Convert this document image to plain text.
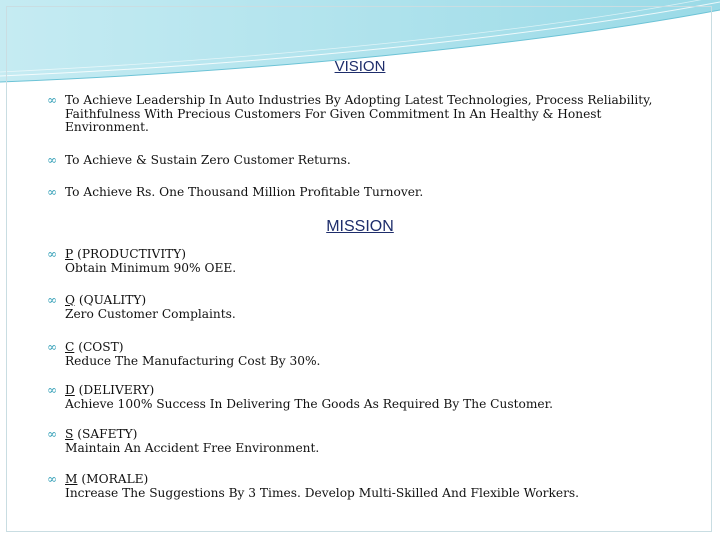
VISION
∞ To Achieve Leadership In Auto Industries By Adopting Latest Technologies, Process Reliability, Faithfulness With Precious Customers For Given Commitment In An Healthy & Honest Environment.
∞ To Achieve & Sustain Zero Customer Returns.
∞ To Achieve Rs. One Thousand Million Profitable Turnover.
MISSION
∞ P (PRODUCTIVITY)
Obtain Minimum 90% OEE.
∞ Q (QUALITY)
Zero Customer Complaints.
∞ C (COST)
Reduce The Manufacturing Cost By 30%.
∞ D (DELIVERY)
Achieve 100% Success In Delivering The Goods As Required By The Customer.
∞ S (SAFETY)
Maintain An Accident Free Environment.
∞ M (MORALE)
Increase The Suggestions By 3 Times. Develop Multi-Skilled And Flexible Workers.
